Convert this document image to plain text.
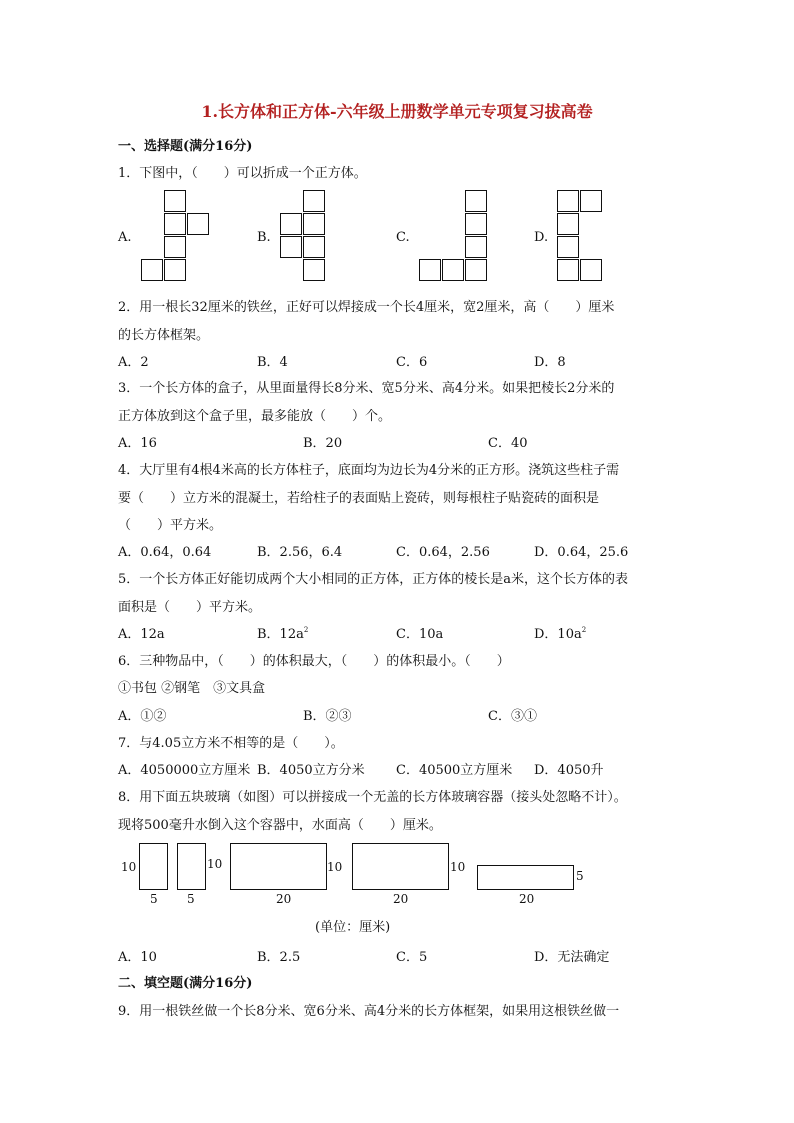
1.长方体和正方体-六年级上册数学单元专项复习拔高卷
一、选择题(满分16分)
1．下图中，（　　）可以折成一个正方体。
A.	B.	C.	D.
2．用一根长32厘米的铁丝，正好可以焊接成一个长4厘米，宽2厘米，高（　　）厘米
的长方体框架。
A．2	B．4	C．6	D．8
3．一个长方体的盒子，从里面量得长8分米、宽5分米、高4分米。如果把棱长2分米的
正方体放到这个盒子里，最多能放（　　）个。
A．16	B．20	C．40
4．大厅里有4根4米高的长方体柱子，底面均为边长为4分米的正方形。浇筑这些柱子需
要（　　）立方米的混凝土，若给柱子的表面贴上瓷砖，则每根柱子贴瓷砖的面积是
（　　）平方米。
A．0.64，0.64	B．2.56，6.4	C．0.64，2.56	D．0.64，25.6
5．一个长方体正好能切成两个大小相同的正方体，正方体的棱长是a米，这个长方体的表
面积是（　　）平方米。
A．12a	B．$12a^2$	C．10a	D．$10a^2$
6．三种物品中，（　　）的体积最大，（　　）的体积最小。（　　）
①书包 ②钢笔　③文具盒
A．①②	B．②③	C．③①
7．与4.05立方米不相等的是（　　）。
A．4050000立方厘米 B．4050立方分米 C．40500立方厘米 D．4050升
8．用下面五块玻璃（如图）可以拼接成一个无盖的长方体玻璃容器（接头处忽略不计）。
现将500毫升水倒入这个容器中，水面高（　　）厘米。
10
5
10
5
10
20
10
20
5
20
(单位：厘米)
A．10	B．2.5	C．5	D．无法确定
二、填空题(满分16分)
9．用一根铁丝做一个长8分米、宽6分米、高4分米的长方体框架，如果用这根铁丝做一
